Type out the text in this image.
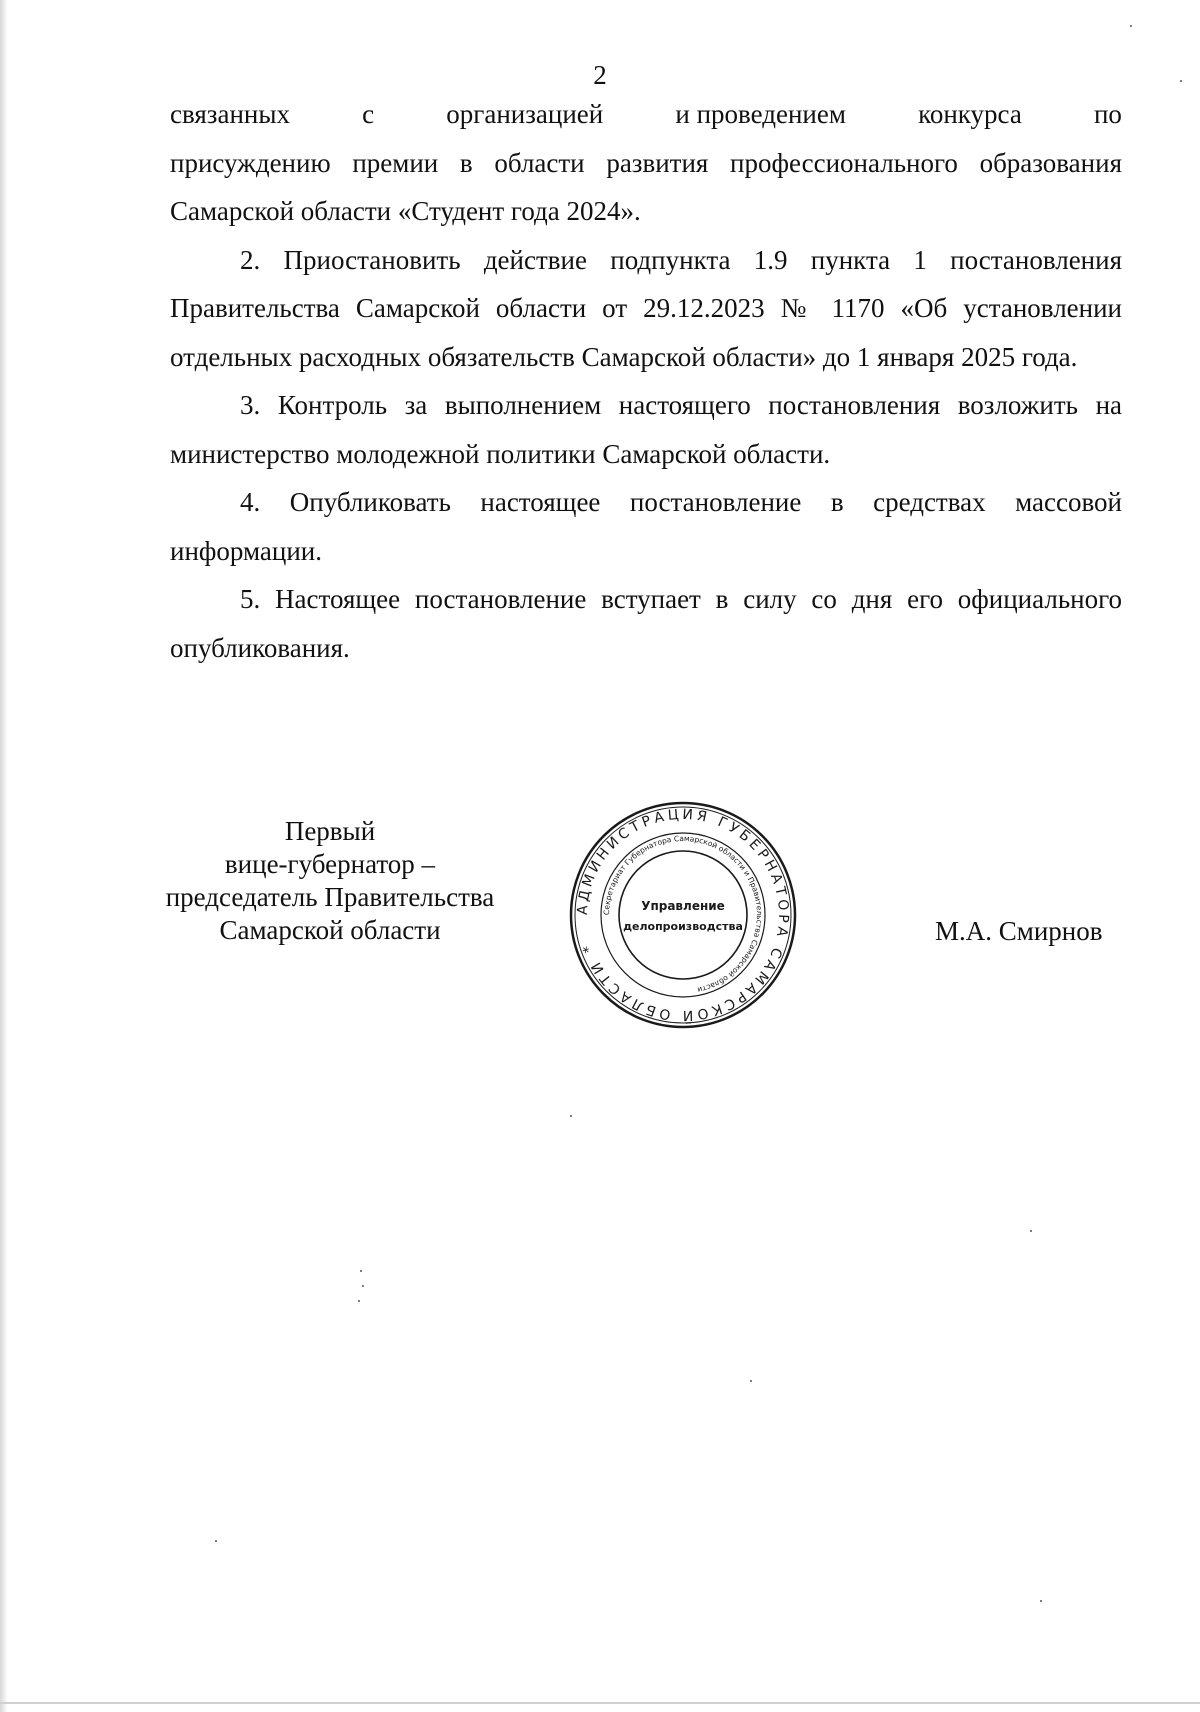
2
связанных	с	организацией	и проведением	конкурса	по

присуждению премии в области развития профессионального образования Самарской области «Студент года 2024».

2. Приостановить действие подпункта 1.9 пункта 1 постановления Правительства Самарской области от 29.12.2023 № 1170 «Об установлении отдельных расходных обязательств Самарской области» до 1 января 2025 года.

3. Контроль за выполнением настоящего постановления возложить на министерство молодежной политики Самарской области.

4. Опубликовать настоящее постановление в средствах массовой информации.

5. Настоящее постановление вступает в силу со дня его официального опубликования.

Первый
вице-губернатор –
председатель Правительства
Самарской области
АДМИНИСТРАЦИЯ ГУБЕРНАТОРА САМАРСКОЙ ОБЛАСТИ *
Секретариат Губернатора Самарской области и Правительства Самарской области
Управление
делопроизводства	М.А. Смирнов
